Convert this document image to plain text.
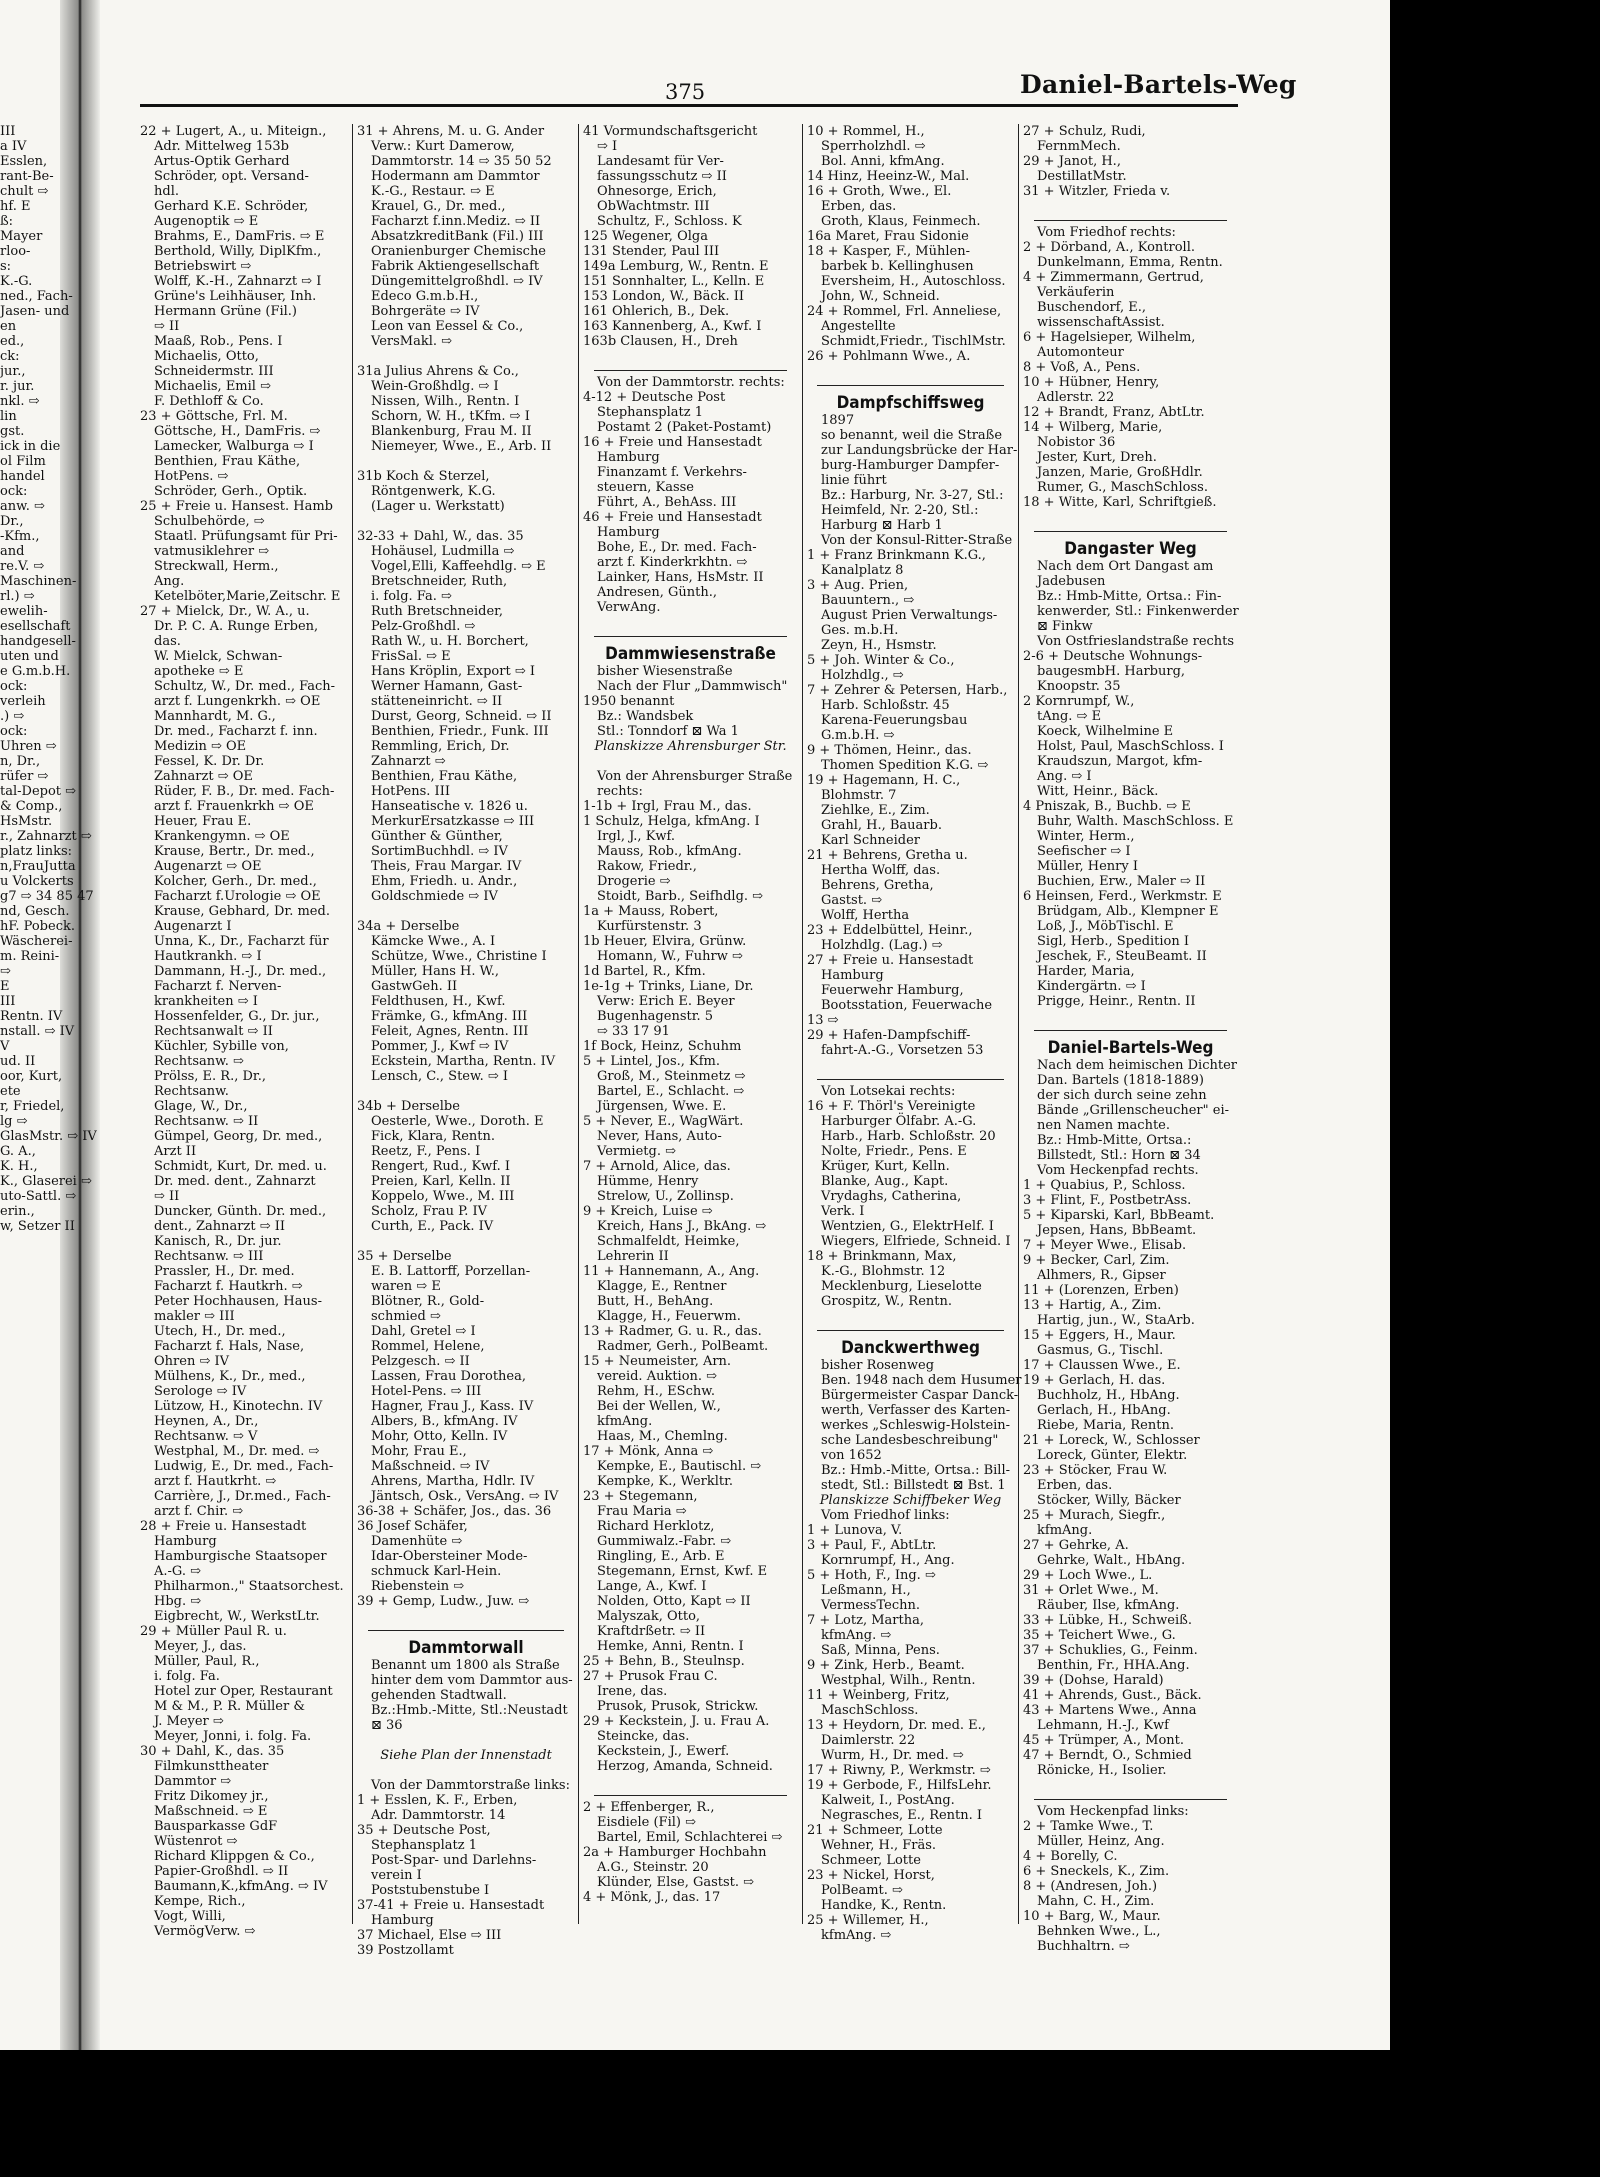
III
a IV
Esslen,
rant-Be-
chult ⇨
hf. E
ß:
Mayer
rloo-
s:
K.-G.
ned., Fach-
Jasen- und
en
ed.,
ck:
jur.,
r. jur.
nkl. ⇨
lin
gst.
ick in die
ol Film
handel
ock:
anw. ⇨
Dr.,
-Kfm.,
and
re.V. ⇨
Maschinen-
rl.) ⇨
ewelih-
esellschaft
handgesell-
uten und
e G.m.b.H.
ock:
verleih
.) ⇨
ock:
Uhren ⇨
n, Dr.,
rüfer ⇨
tal-Depot ⇨
& Comp.,
HsMstr.
r., Zahnarzt ⇨
platz links:
n,FrauJutta
u Volckerts
g7 ⇨ 34 85 47
nd, Gesch.
hF. Pobeck.
Wäscherei-
m. Reini-
⇨
E
III
Rentn. IV
nstall. ⇨ IV
V
ud. II
oor, Kurt,
ete
r, Friedel,
lg ⇨
GlasMstr. ⇨ IV
G. A.,
K. H.,
K., Glaserei ⇨
uto-Sattl. ⇨
erin.,
w, Setzer II
375	Daniel-Bartels-Weg
22 + Lugert, A., u. Miteign.,
Adr. Mittelweg 153b
Artus-Optik Gerhard
Schröder, opt. Versand-
hdl.
Gerhard K.E. Schröder,
Augenoptik ⇨ E
Brahms, E., DamFris. ⇨ E
Berthold, Willy, DiplKfm.,
Betriebswirt ⇨
Wolff, K.-H., Zahnarzt ⇨ I
Grüne's Leihhäuser, Inh.
Hermann Grüne (Fil.)
⇨ II
Maaß, Rob., Pens. I
Michaelis, Otto,
Schneidermstr. III
Michaelis, Emil ⇨
F. Dethloff & Co.
23 + Göttsche, Frl. M.
Göttsche, H., DamFris. ⇨
Lamecker, Walburga ⇨ I
Benthien, Frau Käthe,
HotPens. ⇨
Schröder, Gerh., Optik.
25 + Freie u. Hansest. Hamb
Schulbehörde, ⇨
Staatl. Prüfungsamt für Pri-
vatmusiklehrer ⇨
Streckwall, Herm.,
Ang.
Ketelböter,Marie,Zeitschr. E
27 + Mielck, Dr., W. A., u.
Dr. P. C. A. Runge Erben,
das.
W. Mielck, Schwan-
apotheke ⇨ E
Schultz, W., Dr. med., Fach-
arzt f. Lungenkrkh. ⇨ OE
Mannhardt, M. G.,
Dr. med., Facharzt f. inn.
Medizin ⇨ OE
Fessel, K. Dr. Dr.
Zahnarzt ⇨ OE
Rüder, F. B., Dr. med. Fach-
arzt f. Frauenkrkh ⇨ OE
Heuer, Frau E.
Krankengymn. ⇨ OE
Krause, Bertr., Dr. med.,
Augenarzt ⇨ OE
Kolcher, Gerh., Dr. med.,
Facharzt f.Urologie ⇨ OE
Krause, Gebhard, Dr. med.
Augenarzt I
Unna, K., Dr., Facharzt für
Hautkrankh. ⇨ I
Dammann, H.-J., Dr. med.,
Facharzt f. Nerven-
krankheiten ⇨ I
Hossenfelder, G., Dr. jur.,
Rechtsanwalt ⇨ II
Küchler, Sybille von,
Rechtsanw. ⇨
Prölss, E. R., Dr.,
Rechtsanw.
Glage, W., Dr.,
Rechtsanw. ⇨ II
Gümpel, Georg, Dr. med.,
Arzt II
Schmidt, Kurt, Dr. med. u.
Dr. med. dent., Zahnarzt
⇨ II
Duncker, Günth. Dr. med.,
dent., Zahnarzt ⇨ II
Kanisch, R., Dr. jur.
Rechtsanw. ⇨ III
Prassler, H., Dr. med.
Facharzt f. Hautkrh. ⇨
Peter Hochhausen, Haus-
makler ⇨ III
Utech, H., Dr. med.,
Facharzt f. Hals, Nase,
Ohren ⇨ IV
Mülhens, K., Dr., med.,
Serologe ⇨ IV
Lützow, H., Kinotechn. IV
Heynen, A., Dr.,
Rechtsanw. ⇨ V
Westphal, M., Dr. med. ⇨
Ludwig, E., Dr. med., Fach-
arzt f. Hautkrht. ⇨
Carrière, J., Dr.med., Fach-
arzt f. Chir. ⇨
28 + Freie u. Hansestadt
Hamburg
Hamburgische Staatsoper
A.-G. ⇨
Philharmon.," Staatsorchest.
Hbg. ⇨
Eigbrecht, W., WerkstLtr.
29 + Müller Paul R. u.
Meyer, J., das.
Müller, Paul, R.,
i. folg. Fa.
Hotel zur Oper, Restaurant
M & M., P. R. Müller &
J. Meyer ⇨
Meyer, Jonni, i. folg. Fa.
30 + Dahl, K., das. 35
Filmkunsttheater
Dammtor ⇨
Fritz Dikomey jr.,
Maßschneid. ⇨ E
Bausparkasse GdF
Wüstenrot ⇨
Richard Klippgen & Co.,
Papier-Großhdl. ⇨ II
Baumann,K.,kfmAng. ⇨ IV
Kempe, Rich.,
Vogt, Willi,
VermögVerw. ⇨
31 + Ahrens, M. u. G. Ander
Verw.: Kurt Damerow,
Dammtorstr. 14 ⇨ 35 50 52
Hodermann am Dammtor
K.-G., Restaur. ⇨ E
Krauel, G., Dr. med.,
Facharzt f.inn.Mediz. ⇨ II
AbsatzkreditBank (Fil.) III
Oranienburger Chemische
Fabrik Aktiengesellschaft
Düngemittelgroßhdl. ⇨ IV
Edeco G.m.b.H.,
Bohrgeräte ⇨ IV
Leon van Eessel & Co.,
VersMakl. ⇨
31a Julius Ahrens & Co.,
Wein-Großhdlg. ⇨ I
Nissen, Wilh., Rentn. I
Schorn, W. H., tKfm. ⇨ I
Blankenburg, Frau M. II
Niemeyer, Wwe., E., Arb. II
31b Koch & Sterzel,
Röntgenwerk, K.G.
(Lager u. Werkstatt)
32-33 + Dahl, W., das. 35
Hohäusel, Ludmilla ⇨
Vogel,Elli, Kaffeehdlg. ⇨ E
Bretschneider, Ruth,
i. folg. Fa. ⇨
Ruth Bretschneider,
Pelz-Großhdl. ⇨
Rath W., u. H. Borchert,
FrisSal. ⇨ E
Hans Kröplin, Export ⇨ I
Werner Hamann, Gast-
stätteneinricht. ⇨ II
Durst, Georg, Schneid. ⇨ II
Benthien, Friedr., Funk. III
Remmling, Erich, Dr.
Zahnarzt ⇨
Benthien, Frau Käthe,
HotPens. III
Hanseatische v. 1826 u.
MerkurErsatzkasse ⇨ III
Günther & Günther,
SortimBuchhdl. ⇨ IV
Theis, Frau Margar. IV
Ehm, Friedh. u. Andr.,
Goldschmiede ⇨ IV
34a + Derselbe
Kämcke Wwe., A. I
Schütze, Wwe., Christine I
Müller, Hans H. W.,
GastwGeh. II
Feldthusen, H., Kwf.
Främke, G., kfmAng. III
Feleit, Agnes, Rentn. III
Pommer, J., Kwf ⇨ IV
Eckstein, Martha, Rentn. IV
Lensch, C., Stew. ⇨ I
34b + Derselbe
Oesterle, Wwe., Doroth. E
Fick, Klara, Rentn.
Reetz, F., Pens. I
Rengert, Rud., Kwf. I
Preien, Karl, Kelln. II
Koppelo, Wwe., M. III
Scholz, Frau P. IV
Curth, E., Pack. IV
35 + Derselbe
E. B. Lattorff, Porzellan-
waren ⇨ E
Blötner, R., Gold-
schmied ⇨
Dahl, Gretel ⇨ I
Rommel, Helene,
Pelzgesch. ⇨ II
Lassen, Frau Dorothea,
Hotel-Pens. ⇨ III
Hagner, Frau J., Kass. IV
Albers, B., kfmAng. IV
Mohr, Otto, Kelln. IV
Mohr, Frau E.,
Maßschneid. ⇨ IV
Ahrens, Martha, Hdlr. IV
Jäntsch, Osk., VersAng. ⇨ IV
36-38 + Schäfer, Jos., das. 36
36 Josef Schäfer,
Damenhüte ⇨
Idar-Obersteiner Mode-
schmuck Karl-Hein.
Riebenstein ⇨
39 + Gemp, Ludw., Juw. ⇨
Dammtorwall
Benannt um 1800 als Straße
hinter dem vom Dammtor aus-
gehenden Stadtwall.
Bz.:Hmb.-Mitte, Stl.:Neustadt
⊠ 36
Siehe Plan der Innenstadt
Von der Dammtorstraße links:
1 + Esslen, K. F., Erben,
Adr. Dammtorstr. 14
35 + Deutsche Post,
Stephansplatz 1
Post-Spar- und Darlehns-
verein I
Poststubenstube I
37-41 + Freie u. Hansestadt
Hamburg
37 Michael, Else ⇨ III
39 Postzollamt
41 Vormundschaftsgericht
⇨ I
Landesamt für Ver-
fassungsschutz ⇨ II
Ohnesorge, Erich,
ObWachtmstr. III
Schultz, F., Schloss. K
125 Wegener, Olga
131 Stender, Paul III
149a Lemburg, W., Rentn. E
151 Sonnhalter, L., Kelln. E
153 London, W., Bäck. II
161 Ohlerich, B., Dek.
163 Kannenberg, A., Kwf. I
163b Clausen, H., Dreh
Von der Dammtorstr. rechts:
4-12 + Deutsche Post
Stephansplatz 1
Postamt 2 (Paket-Postamt)
16 + Freie und Hansestadt
Hamburg
Finanzamt f. Verkehrs-
steuern, Kasse
Führt, A., BehAss. III
46 + Freie und Hansestadt
Hamburg
Bohe, E., Dr. med. Fach-
arzt f. Kinderkrkhtn. ⇨
Lainker, Hans, HsMstr. II
Andresen, Günth.,
VerwAng.
Dammwiesenstraße
bisher Wiesenstraße
Nach der Flur „Dammwisch"
1950 benannt
Bz.: Wandsbek
Stl.: Tonndorf ⊠ Wa 1
Planskizze Ahrensburger Str.
Von der Ahrensburger Straße
rechts:
1-1b + Irgl, Frau M., das.
1 Schulz, Helga, kfmAng. I
Irgl, J., Kwf.
Mauss, Rob., kfmAng.
Rakow, Friedr.,
Drogerie ⇨
Stoidt, Barb., Seifhdlg. ⇨
1a + Mauss, Robert,
Kurfürstenstr. 3
1b Heuer, Elvira, Grünw.
Homann, W., Fuhrw ⇨
1d Bartel, R., Kfm.
1e-1g + Trinks, Liane, Dr.
Verw: Erich E. Beyer
Bugenhagenstr. 5
⇨ 33 17 91
1f Bock, Heinz, Schuhm
5 + Lintel, Jos., Kfm.
Groß, M., Steinmetz ⇨
Bartel, E., Schlacht. ⇨
Jürgensen, Wwe. E.
5 + Never, E., WagWärt.
Never, Hans, Auto-
Vermietg. ⇨
7 + Arnold, Alice, das.
Hümme, Henry
Strelow, U., Zollinsp.
9 + Kreich, Luise ⇨
Kreich, Hans J., BkAng. ⇨
Schmalfeldt, Heimke,
Lehrerin II
11 + Hannemann, A., Ang.
Klagge, E., Rentner
Butt, H., BehAng.
Klagge, H., Feuerwm.
13 + Radmer, G. u. R., das.
Radmer, Gerh., PolBeamt.
15 + Neumeister, Arn.
vereid. Auktion. ⇨
Rehm, H., ESchw.
Bei der Wellen, W.,
kfmAng.
Haas, M., Chemlng.
17 + Mönk, Anna ⇨
Kempke, E., Bautischl. ⇨
Kempke, K., Werkltr.
23 + Stegemann,
Frau Maria ⇨
Richard Herklotz,
Gummiwalz.-Fabr. ⇨
Ringling, E., Arb. E
Stegemann, Ernst, Kwf. E
Lange, A., Kwf. I
Nolden, Otto, Kapt ⇨ II
Malyszak, Otto,
Kraftdrßetr. ⇨ II
Hemke, Anni, Rentn. I
25 + Behn, B., Steulnsp.
27 + Prusok Frau C.
Irene, das.
Prusok, Prusok, Strickw.
29 + Keckstein, J. u. Frau A.
Steincke, das.
Keckstein, J., Ewerf.
Herzog, Amanda, Schneid.
2 + Effenberger, R.,
Eisdiele (Fil) ⇨
Bartel, Emil, Schlachterei ⇨
2a + Hamburger Hochbahn
A.G., Steinstr. 20
Klünder, Else, Gastst. ⇨
4 + Mönk, J., das. 17
10 + Rommel, H.,
Sperrholzhdl. ⇨
Bol. Anni, kfmAng.
14 Hinz, Heeinz-W., Mal.
16 + Groth, Wwe., El.
Erben, das.
Groth, Klaus, Feinmech.
16a Maret, Frau Sidonie
18 + Kasper, F., Mühlen-
barbek b. Kellinghusen
Eversheim, H., Autoschloss.
John, W., Schneid.
24 + Rommel, Frl. Anneliese,
Angestellte
Schmidt,Friedr., TischlMstr.
26 + Pohlmann Wwe., A.
Dampfschiffsweg
1897
so benannt, weil die Straße
zur Landungsbrücke der Har-
burg-Hamburger Dampfer-
linie führt
Bz.: Harburg, Nr. 3-27, Stl.:
Heimfeld, Nr. 2-20, Stl.:
Harburg ⊠ Harb 1
Von der Konsul-Ritter-Straße
1 + Franz Brinkmann K.G.,
Kanalplatz 8
3 + Aug. Prien,
Bauuntern., ⇨
August Prien Verwaltungs-
Ges. m.b.H.
Zeyn, H., Hsmstr.
5 + Joh. Winter & Co.,
Holzhdlg., ⇨
7 + Zehrer & Petersen, Harb.,
Harb. Schloßstr. 45
Karena-Feuerungsbau
G.m.b.H. ⇨
9 + Thömen, Heinr., das.
Thomen Spedition K.G. ⇨
19 + Hagemann, H. C.,
Blohmstr. 7
Ziehlke, E., Zim.
Grahl, H., Bauarb.
Karl Schneider
21 + Behrens, Gretha u.
Hertha Wolff, das.
Behrens, Gretha,
Gastst. ⇨
Wolff, Hertha
23 + Eddelbüttel, Heinr.,
Holzhdlg. (Lag.) ⇨
27 + Freie u. Hansestadt
Hamburg
Feuerwehr Hamburg,
Bootsstation, Feuerwache
13 ⇨
29 + Hafen-Dampfschiff-
fahrt-A.-G., Vorsetzen 53
Von Lotsekai rechts:
16 + F. Thörl's Vereinigte
Harburger Ölfabr. A.-G.
Harb., Harb. Schloßstr. 20
Nolte, Friedr., Pens. E
Krüger, Kurt, Kelln.
Blanke, Aug., Kapt.
Vrydaghs, Catherina,
Verk. I
Wentzien, G., ElektrHelf. I
Wiegers, Elfriede, Schneid. I
18 + Brinkmann, Max,
K.-G., Blohmstr. 12
Mecklenburg, Lieselotte
Grospitz, W., Rentn.
Danckwerthweg
bisher Rosenweg
Ben. 1948 nach dem Husumer
Bürgermeister Caspar Danck-
werth, Verfasser des Karten-
werkes „Schleswig-Holstein-
sche Landesbeschreibung"
von 1652
Bz.: Hmb.-Mitte, Ortsa.: Bill-
stedt, Stl.: Billstedt ⊠ Bst. 1
Planskizze Schiffbeker Weg
Vom Friedhof links:
1 + Lunova, V.
3 + Paul, F., AbtLtr.
Kornrumpf, H., Ang.
5 + Hoth, F., Ing. ⇨
Leßmann, H.,
VermessTechn.
7 + Lotz, Martha,
kfmAng. ⇨
Saß, Minna, Pens.
9 + Zink, Herb., Beamt.
Westphal, Wilh., Rentn.
11 + Weinberg, Fritz,
MaschSchloss.
13 + Heydorn, Dr. med. E.,
Daimlerstr. 22
Wurm, H., Dr. med. ⇨
17 + Riwny, P., Werkmstr. ⇨
19 + Gerbode, F., HilfsLehr.
Kalweit, I., PostAng.
Negrasches, E., Rentn. I
21 + Schmeer, Lotte
Wehner, H., Fräs.
Schmeer, Lotte
23 + Nickel, Horst,
PolBeamt. ⇨
Handke, K., Rentn.
25 + Willemer, H.,
kfmAng. ⇨
27 + Schulz, Rudi,
FernmMech.
29 + Janot, H.,
DestillatMstr.
31 + Witzler, Frieda v.
Vom Friedhof rechts:
2 + Dörband, A., Kontroll.
Dunkelmann, Emma, Rentn.
4 + Zimmermann, Gertrud,
Verkäuferin
Buschendorf, E.,
wissenschaftAssist.
6 + Hagelsieper, Wilhelm,
Automonteur
8 + Voß, A., Pens.
10 + Hübner, Henry,
Adlerstr. 22
12 + Brandt, Franz, AbtLtr.
14 + Wilberg, Marie,
Nobistor 36
Jester, Kurt, Dreh.
Janzen, Marie, GroßHdlr.
Rumer, G., MaschSchloss.
18 + Witte, Karl, Schriftgieß.
Dangaster Weg
Nach dem Ort Dangast am
Jadebusen
Bz.: Hmb-Mitte, Ortsa.: Fin-
kenwerder, Stl.: Finkenwerder
⊠ Finkw
Von Ostfrieslandstraße rechts
2-6 + Deutsche Wohnungs-
baugesmbH. Harburg,
Knoopstr. 35
2 Kornrumpf, W.,
tAng. ⇨ E
Koeck, Wilhelmine E
Holst, Paul, MaschSchloss. I
Kraudszun, Margot, kfm-
Ang. ⇨ I
Witt, Heinr., Bäck.
4 Pniszak, B., Buchb. ⇨ E
Buhr, Walth. MaschSchloss. E
Winter, Herm.,
Seefischer ⇨ I
Müller, Henry I
Buchien, Erw., Maler ⇨ II
6 Heinsen, Ferd., Werkmstr. E
Brüdgam, Alb., Klempner E
Loß, J., MöbTischl. E
Sigl, Herb., Spedition I
Jeschek, F., SteuBeamt. II
Harder, Maria,
Kindergärtn. ⇨ I
Prigge, Heinr., Rentn. II
Daniel-Bartels-Weg
Nach dem heimischen Dichter
Dan. Bartels (1818-1889)
der sich durch seine zehn
Bände „Grillenscheucher" ei-
nen Namen machte.
Bz.: Hmb-Mitte, Ortsa.:
Billstedt, Stl.: Horn ⊠ 34
Vom Heckenpfad rechts.
1 + Quabius, P., Schloss.
3 + Flint, F., PostbetrAss.
5 + Kiparski, Karl, BbBeamt.
Jepsen, Hans, BbBeamt.
7 + Meyer Wwe., Elisab.
9 + Becker, Carl, Zim.
Alhmers, R., Gipser
11 + (Lorenzen, Erben)
13 + Hartig, A., Zim.
Hartig, jun., W., StaArb.
15 + Eggers, H., Maur.
Gasmus, G., Tischl.
17 + Claussen Wwe., E.
19 + Gerlach, H. das.
Buchholz, H., HbAng.
Gerlach, H., HbAng.
Riebe, Maria, Rentn.
21 + Loreck, W., Schlosser
Loreck, Günter, Elektr.
23 + Stöcker, Frau W.
Erben, das.
Stöcker, Willy, Bäcker
25 + Murach, Siegfr.,
kfmAng.
27 + Gehrke, A.
Gehrke, Walt., HbAng.
29 + Loch Wwe., L.
31 + Orlet Wwe., M.
Räuber, Ilse, kfmAng.
33 + Lübke, H., Schweiß.
35 + Teichert Wwe., G.
37 + Schuklies, G., Feinm.
Benthin, Fr., HHA.Ang.
39 + (Dohse, Harald)
41 + Ahrends, Gust., Bäck.
43 + Martens Wwe., Anna
Lehmann, H.-J., Kwf
45 + Trümper, A., Mont.
47 + Berndt, O., Schmied
Rönicke, H., Isolier.
Vom Heckenpfad links:
2 + Tamke Wwe., T.
Müller, Heinz, Ang.
4 + Borelly, C.
6 + Sneckels, K., Zim.
8 + (Andresen, Joh.)
Mahn, C. H., Zim.
10 + Barg, W., Maur.
Behnken Wwe., L.,
Buchhaltrn. ⇨
